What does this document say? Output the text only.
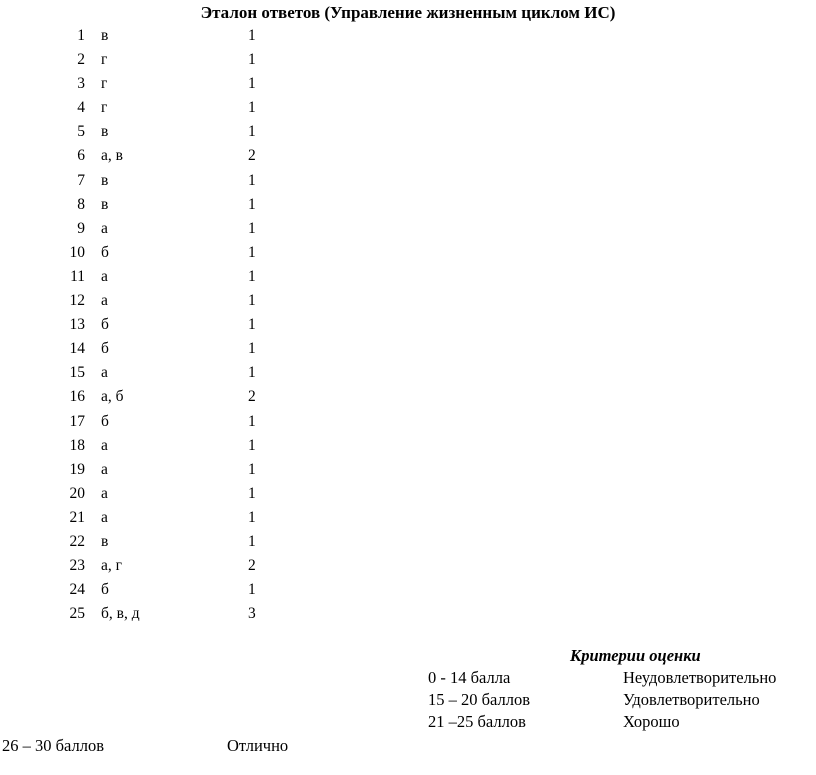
Эталон ответов (Управление жизненным циклом ИС)
1 в	1
2 г	1
3 г	1
4 г	1
5 в	1
6 а, в	2
7 в	1
8 в	1
9 а	1
10 б	1
11 а	1
12 а	1
13 б	1
14 б	1
15 а	1
16 а, б	2
17 б	1
18 а	1
19 а	1
20 а	1
21 а	1
22 в	1
23 а, г	2
24 б	1
25 б, в, д	3
Критерии оценки
0 - 14 балла	Неудовлетворительно
15 – 20 баллов	Удовлетворительно
21 –25 баллов	Хорошо
26 – 30 баллов	Отлично
